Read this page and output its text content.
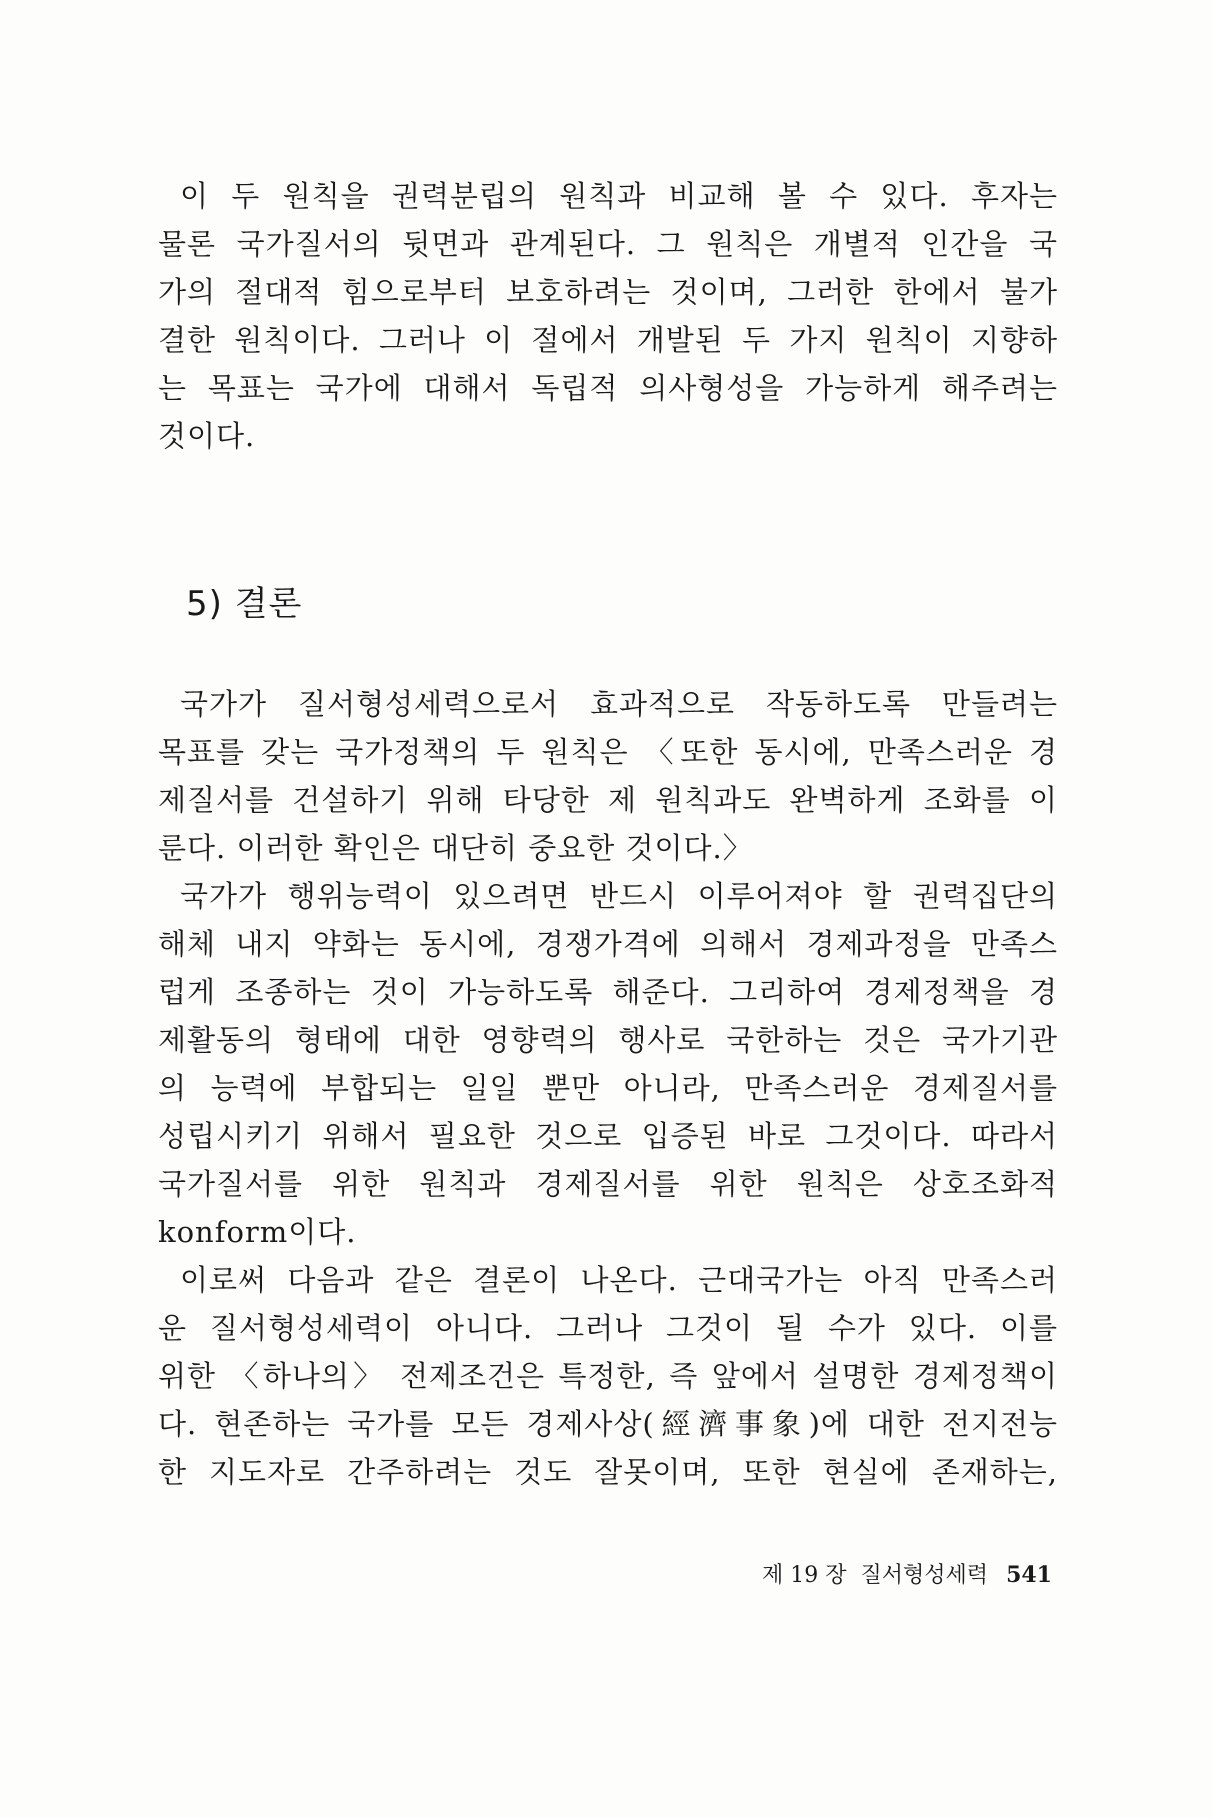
이 두 원칙을 권력분립의 원칙과 비교해 볼 수 있다. 후자는
물론 국가질서의 뒷면과 관계된다. 그 원칙은 개별적 인간을 국
가의 절대적 힘으로부터 보호하려는 것이며, 그러한 한에서 불가
결한 원칙이다. 그러나 이 절에서 개발된 두 가지 원칙이 지향하
는 목표는 국가에 대해서 독립적 의사형성을 가능하게 해주려는
것이다.
5) 결론
국가가 질서형성세력으로서 효과적으로 작동하도록 만들려는
목표를 갖는 국가정책의 두 원칙은 〈또한 동시에, 만족스러운 경
제질서를 건설하기 위해 타당한 제 원칙과도 완벽하게 조화를 이
룬다. 이러한 확인은 대단히 중요한 것이다.〉
국가가 행위능력이 있으려면 반드시 이루어져야 할 권력집단의
해체 내지 약화는 동시에, 경쟁가격에 의해서 경제과정을 만족스
럽게 조종하는 것이 가능하도록 해준다. 그리하여 경제정책을 경
제활동의 형태에 대한 영향력의 행사로 국한하는 것은 국가기관
의 능력에 부합되는 일일 뿐만 아니라, 만족스러운 경제질서를
성립시키기 위해서 필요한 것으로 입증된 바로 그것이다. 따라서
국가질서를 위한 원칙과 경제질서를 위한 원칙은 상호조화적
konform이다.
이로써 다음과 같은 결론이 나온다. 근대국가는 아직 만족스러
운 질서형성세력이 아니다. 그러나 그것이 될 수가 있다. 이를
위한 〈하나의〉 전제조건은 특정한, 즉 앞에서 설명한 경제정책이
다. 현존하는 국가를 모든 경제사상(經濟事象)에 대한 전지전능
한 지도자로 간주하려는 것도 잘못이며, 또한 현실에 존재하는,
제 19 장 질서형성세력 541
